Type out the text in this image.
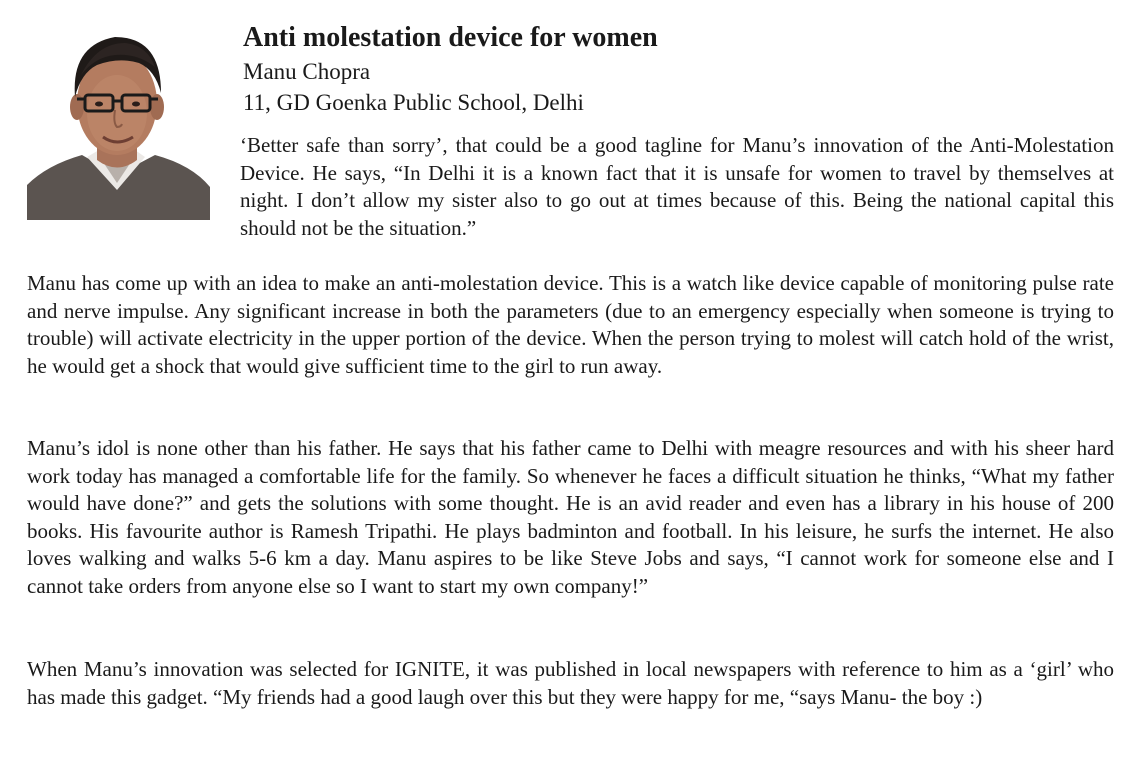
Anti molestation device for women

Manu Chopra

11, GD Goenka Public School, Delhi

‘Better safe than sorry’, that could be a good tagline for Manu’s innovation of the Anti-Molestation Device. He says, “In Delhi it is a known fact that it is unsafe for women to travel by themselves at night. I don’t allow my sister also to go out at times because of this. Being the national capital this should not be the situation.”

Manu has come up with an idea to make an anti-molestation device. This is a watch like device capable of monitoring pulse rate and nerve impulse. Any significant increase in both the parameters (due to an emergency especially when someone is trying to trouble) will activate electricity in the upper portion of the device. When the person trying to molest will catch hold of the wrist, he would get a shock that would give sufficient time to the girl to run away.

Manu’s idol is none other than his father. He says that his father came to Delhi with meagre resources and with his sheer hard work today has managed a comfortable life for the family. So whenever he faces a difficult situation he thinks, “What my father would have done?” and gets the solutions with some thought. He is an avid reader and even has a library in his house of 200 books. His favourite author is Ramesh Tripathi. He plays badminton and football. In his leisure, he surfs the internet. He also loves walking and walks 5-6 km a day. Manu aspires to be like Steve Jobs and says, “I cannot work for someone else and I cannot take orders from anyone else so I want to start my own company!”

When Manu’s innovation was selected for IGNITE, it was published in local newspapers with reference to him as a ‘girl’ who has made this gadget. “My friends had a good laugh over this but they were happy for me, “says Manu- the boy :)
